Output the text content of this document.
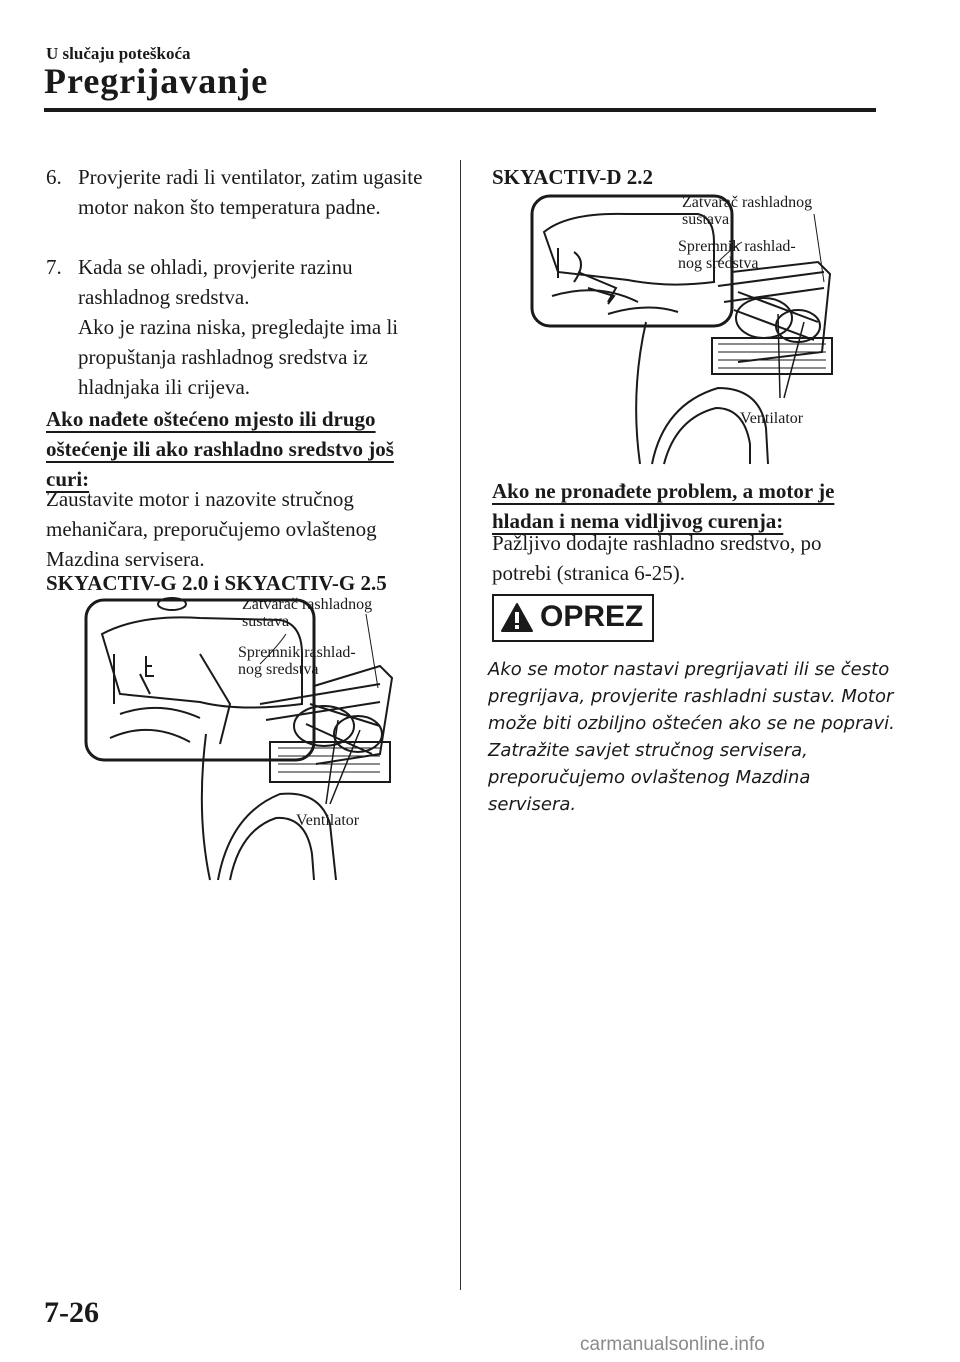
U slučaju poteškoća
Pregrijavanje
6. Provjerite radi li ventilator, zatim ugasite motor nakon što temperatura padne.
7. Kada se ohladi, provjerite razinu rashladnog sredstva.
Ako je razina niska, pregledajte ima li propuštanja rashladnog sredstva iz hladnjaka ili crijeva.
Ako nađete oštećeno mjesto ili drugo oštećenje ili ako rashladno sredstvo još curi:
Zaustavite motor i nazovite stručnog mehaničara, preporučujemo ovlaštenog Mazdina servisera.
SKYACTIV-G 2.0 i SKYACTIV-G 2.5
Zatvarač rashladnog
sustava
Spremnik rashlad-
nog sredstva
Ventilator
SKYACTIV-D 2.2
Zatvarač rashladnog
sustava
Spremnik rashlad-
nog sredstva
Ventilator
Ako ne pronađete problem, a motor je hladan i nema vidljivog curenja:
Pažljivo dodajte rashladno sredstvo, po potrebi (stranica 6-25).
OPREZ
Ako se motor nastavi pregrijavati ili se često pregrijava, provjerite rashladni sustav. Motor može biti ozbiljno oštećen ako se ne popravi. Zatražite savjet stručnog servisera, preporučujemo ovlaštenog Mazdina servisera.
7-26
carmanualsonline.info
